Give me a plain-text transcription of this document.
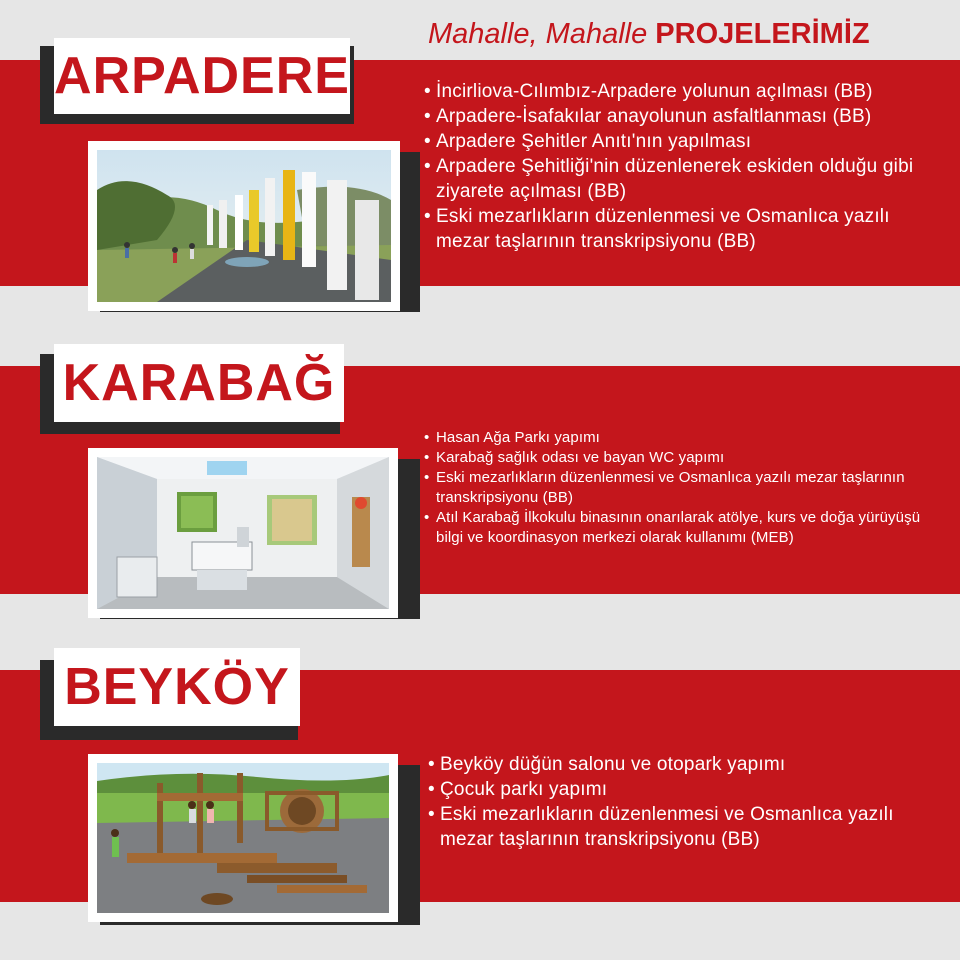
Mahalle, Mahalle PROJELERİMİZ
ARPADERE
•	İncirliova-Cılımbız-Arpadere yolunun açılması (BB)
• Arpadere-İsafakılar anayolunun asfaltlanması (BB)
• Arpadere Şehitler Anıtı'nın yapılması
• Arpadere Şehitliği'nin düzenlenerek eskiden olduğu gibi ziyarete açılması (BB)
• Eski mezarlıkların düzenlenmesi ve Osmanlıca yazılı mezar taşlarının transkripsiyonu (BB)
KARABAĞ
• Hasan Ağa Parkı yapımı
• Karabağ sağlık odası ve bayan WC yapımı
• Eski mezarlıkların düzenlenmesi ve Osmanlıca yazılı mezar taşlarının transkripsiyonu (BB)
• Atıl Karabağ İlkokulu binasının onarılarak atölye, kurs ve doğa yürüyüşü bilgi ve koordinasyon merkezi olarak kullanımı (MEB)
BEYKÖY
• Beyköy düğün salonu ve otopark yapımı
• Çocuk parkı yapımı
• Eski mezarlıkların düzenlenmesi ve Osmanlıca yazılı mezar taşlarının transkripsiyonu (BB)
